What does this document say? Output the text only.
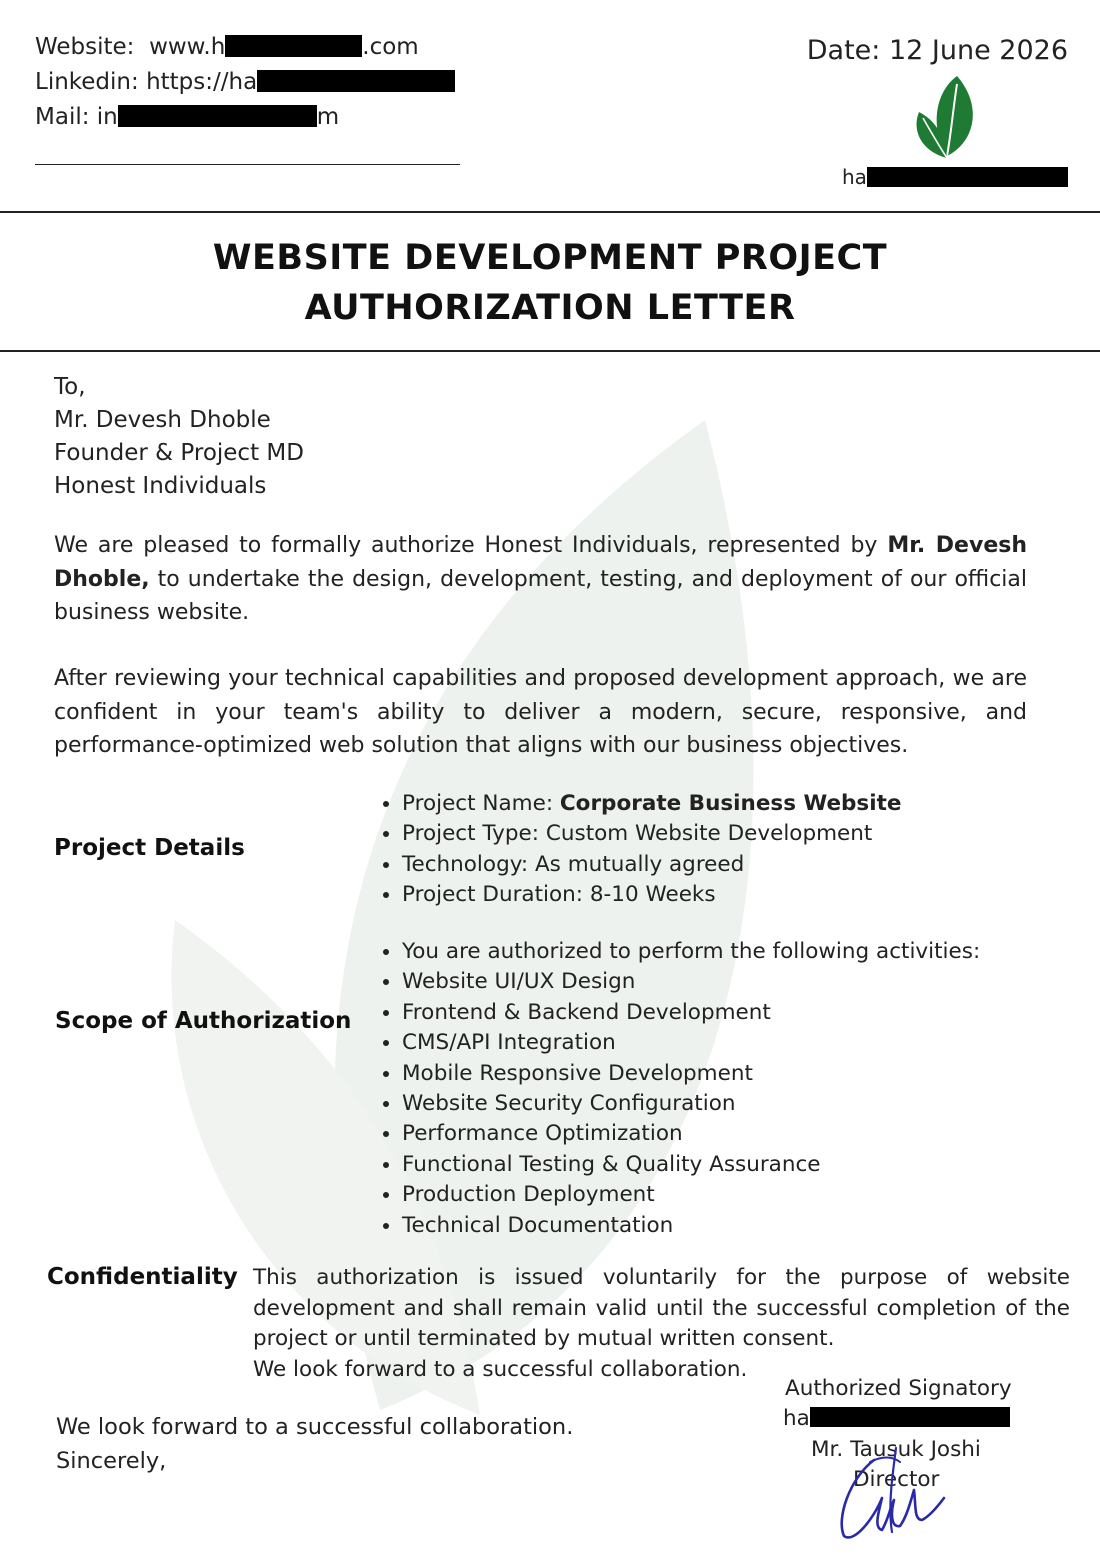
Website: www.h	.com
Linkedin: https://ha
Mail: in	m
Date: 12 June 2026
ha
WEBSITE DEVELOPMENT PROJECT
AUTHORIZATION LETTER
To,
Mr. Devesh Dhoble
Founder & Project MD
Honest Individuals

We are pleased to formally authorize Honest Individuals, represented by Mr. Devesh Dhoble, to undertake the design, development, testing, and deployment of our official business website.

After reviewing your technical capabilities and proposed development approach, we are confident in your team's ability to deliver a modern, secure, responsive, and performance-optimized web solution that aligns with our business objectives.

Project Details
• Project Name: Corporate Business Website
• Project Type: Custom Website Development
• Technology: As mutually agreed
• Project Duration: 8-10 Weeks
Scope of Authorization
• You are authorized to perform the following activities:
• Website UI/UX Design
• Frontend & Backend Development
• CMS/API Integration
• Mobile Responsive Development
• Website Security Configuration
• Performance Optimization
• Functional Testing & Quality Assurance
• Production Deployment
• Technical Documentation
Confidentiality This authorization is issued voluntarily for the purpose of website development and shall remain valid until the successful completion of the project or until terminated by mutual written consent.

We look forward to a successful collaboration.
We look forward to a successful collaboration.
Sincerely,
Authorized Signatory
ha
Mr. Tausuk Joshi
Director
